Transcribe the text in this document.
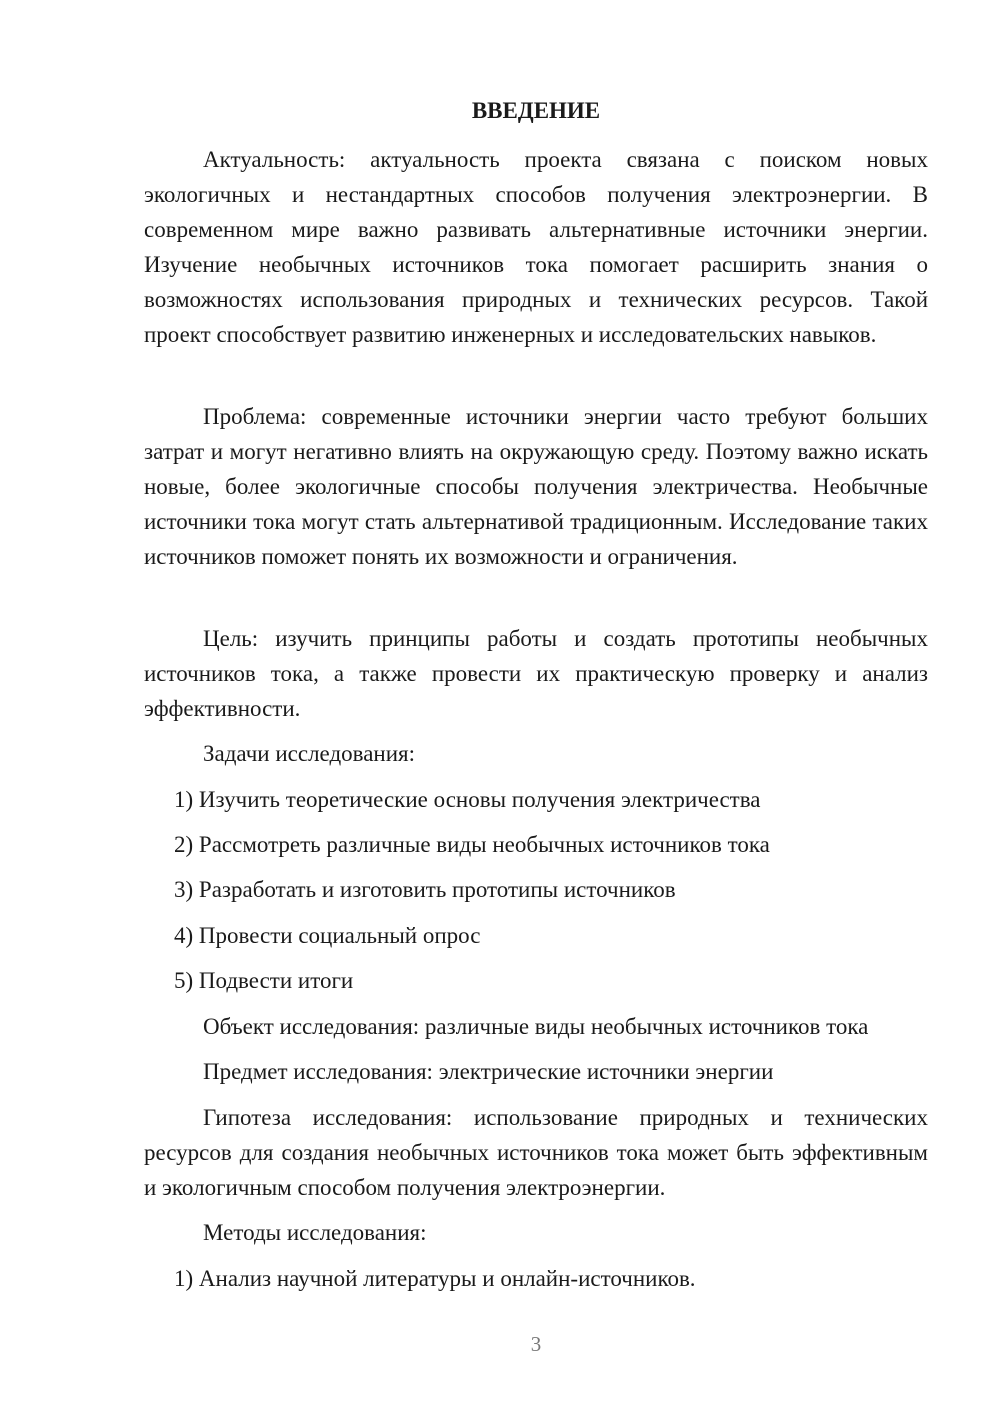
ВВЕДЕНИЕ
Актуальность: актуальность проекта связана с поиском новых экологичных и нестандартных способов получения электроэнергии. В современном мире важно развивать альтернативные источники энергии. Изучение необычных источников тока помогает расширить знания о возможностях использования природных и технических ресурсов. Такой проект способствует развитию инженерных и исследовательских навыков.
Проблема: современные источники энергии часто требуют больших затрат и могут негативно влиять на окружающую среду. Поэтому важно искать новые, более экологичные способы получения электричества. Необычные источники тока могут стать альтернативой традиционным. Исследование таких источников поможет понять их возможности и ограничения.
Цель: изучить принципы работы и создать прототипы необычных источников тока, а также провести их практическую проверку и анализ эффективности.
Задачи исследования:
1) Изучить теоретические основы получения электричества
2) Рассмотреть различные виды необычных источников тока
3) Разработать и изготовить прототипы источников
4) Провести социальный опрос
5) Подвести итоги
Объект исследования: различные виды необычных источников тока
Предмет исследования: электрические источники энергии
Гипотеза исследования: использование природных и технических ресурсов для создания необычных источников тока может быть эффективным и экологичным способом получения электроэнергии.
Методы исследования:
1) Анализ научной литературы и онлайн-источников.
3
